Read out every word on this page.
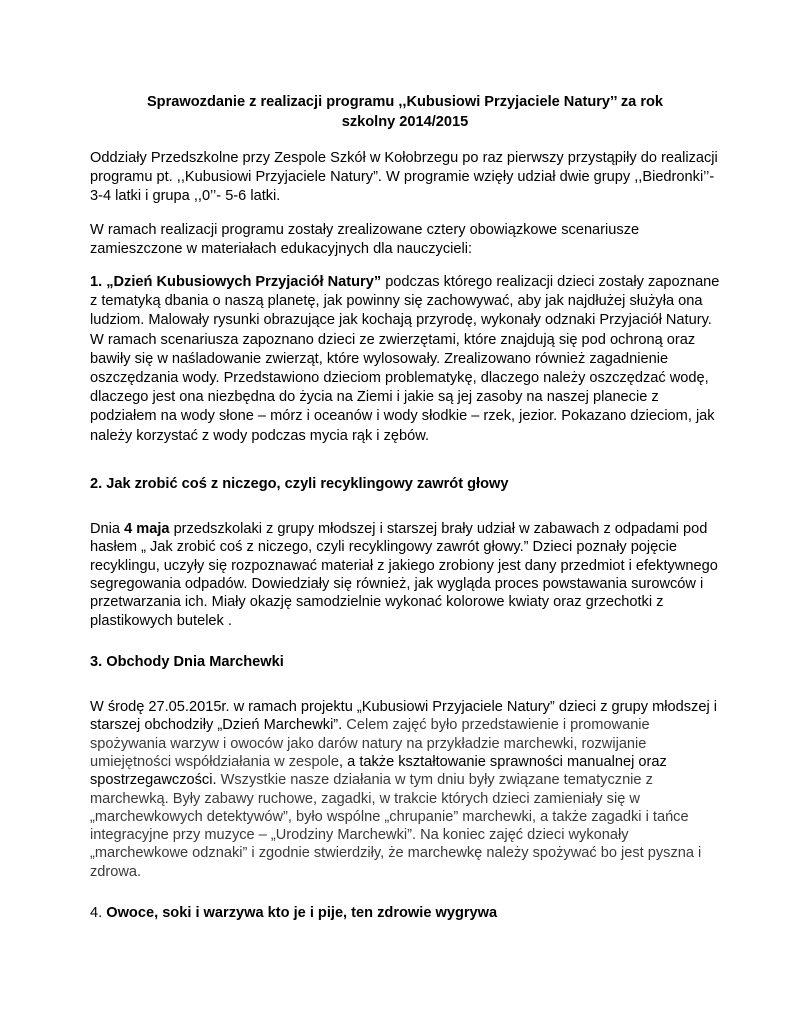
Sprawozdanie z realizacji programu ,,Kubusiowi Przyjaciele Natury’’ za rok
szkolny 2014/2015

Oddziały Przedszkolne przy Zespole Szkół w Kołobrzegu po raz pierwszy przystąpiły do realizacji programu pt. ,,Kubusiowi Przyjaciele Natury”. W programie wzięły udział dwie grupy ,,Biedronki’’- 3-4 latki i grupa ,,0’’- 5-6 latki.

W ramach realizacji programu zostały zrealizowane cztery obowiązkowe scenariusze zamieszczone w materiałach edukacyjnych dla nauczycieli:

1. „Dzień Kubusiowych Przyjaciół Natury” podczas którego realizacji dzieci zostały zapoznane z tematyką dbania o naszą planetę, jak powinny się zachowywać, aby jak najdłużej służyła ona ludziom. Malowały rysunki obrazujące jak kochają przyrodę, wykonały odznaki Przyjaciół Natury. W ramach scenariusza zapoznano dzieci ze zwierzętami, które znajdują się pod ochroną oraz bawiły się w naśladowanie zwierząt, które wylosowały. Zrealizowano również zagadnienie oszczędzania wody. Przedstawiono dzieciom problematykę, dlaczego należy oszczędzać wodę, dlaczego jest ona niezbędna do życia na Ziemi i jakie są jej zasoby na naszej planecie z podziałem na wody słone – mórz i oceanów i wody słodkie – rzek, jezior. Pokazano dzieciom, jak należy korzystać z wody podczas mycia rąk i zębów.

2. Jak zrobić coś z niczego, czyli recyklingowy zawrót głowy

Dnia 4 maja przedszkolaki z grupy młodszej i starszej brały udział w zabawach z odpadami pod hasłem „ Jak zrobić coś z niczego, czyli recyklingowy zawrót głowy.” Dzieci poznały pojęcie recyklingu, uczyły się rozpoznawać materiał z jakiego zrobiony jest dany przedmiot i efektywnego segregowania odpadów. Dowiedziały się również, jak wygląda proces powstawania surowców i przetwarzania ich. Miały okazję samodzielnie wykonać kolorowe kwiaty oraz grzechotki z plastikowych butelek .

3. Obchody Dnia Marchewki

W środę 27.05.2015r. w ramach projektu „Kubusiowi Przyjaciele Natury” dzieci z grupy młodszej i starszej obchodziły „Dzień Marchewki”. Celem zajęć było przedstawienie i promowanie spożywania warzyw i owoców jako darów natury na przykładzie marchewki, rozwijanie umiejętności współdziałania w zespole, a także kształtowanie sprawności manualnej oraz spostrzegawczości. Wszystkie nasze działania w tym dniu były związane tematycznie z marchewką. Były zabawy ruchowe, zagadki, w trakcie których dzieci zamieniały się w „marchewkowych detektywów”, było wspólne „chrupanie” marchewki, a także zagadki i tańce integracyjne przy muzyce – „Urodziny Marchewki”. Na koniec zajęć dzieci wykonały „marchewkowe odznaki” i zgodnie stwierdziły, że marchewkę należy spożywać bo jest pyszna i zdrowa.

4. Owoce, soki i warzywa kto je i pije, ten zdrowie wygrywa
